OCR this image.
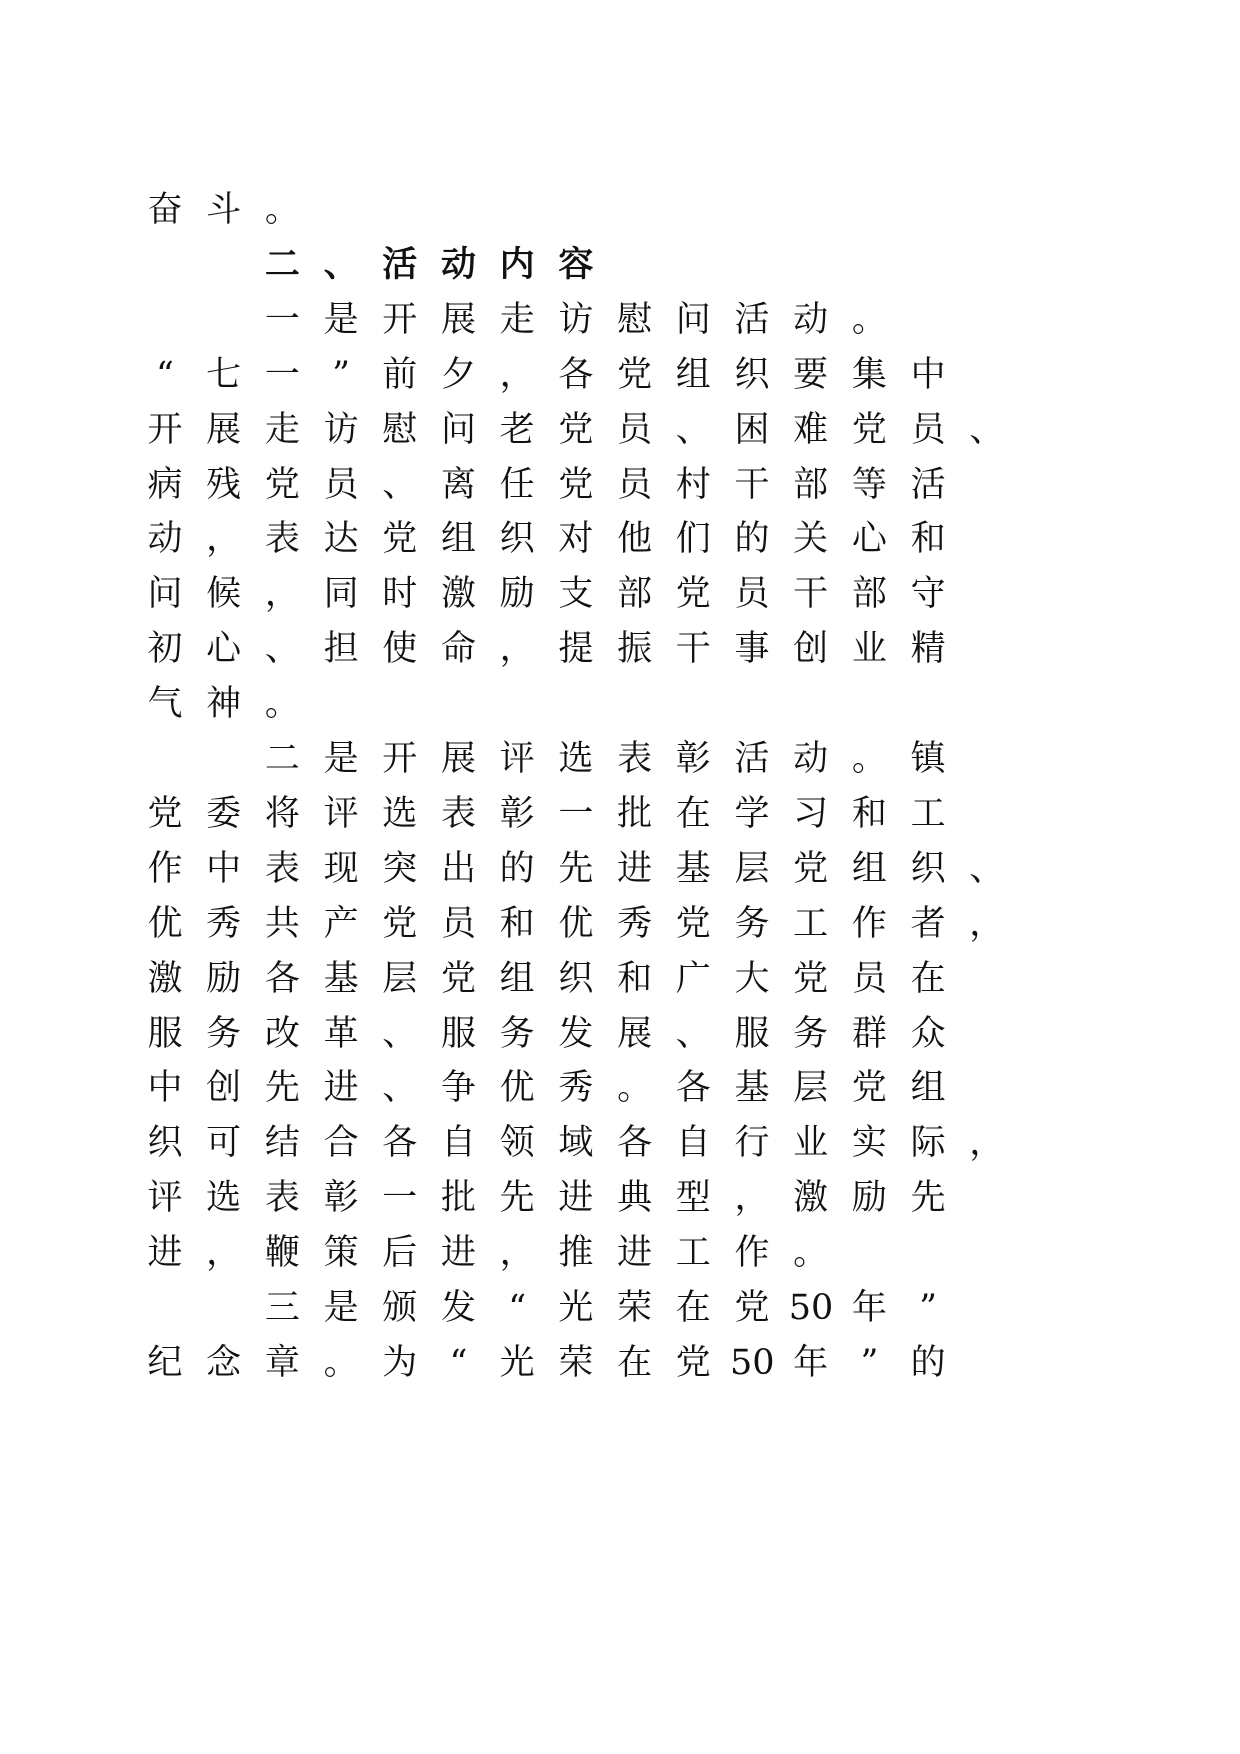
奋 斗 。
二 、 活 动 内 容
一 是 开 展 走 访 慰 问 活 动 。
“ 七 一 ” 前 夕 ， 各 党 组 织 要 集 中
开 展 走 访 慰 问 老 党 员 、 困 难 党 员 、
病 残 党 员 、 离 任 党 员 村 干 部 等 活
动 ， 表 达 党 组 织 对 他 们 的 关 心 和
问 候 ， 同 时 激 励 支 部 党 员 干 部 守
初 心 、 担 使 命 ， 提 振 干 事 创 业 精
气 神 。
二 是 开 展 评 选 表 彰 活 动 。 镇
党 委 将 评 选 表 彰 一 批 在 学 习 和 工
作 中 表 现 突 出 的 先 进 基 层 党 组 织 、
优 秀 共 产 党 员 和 优 秀 党 务 工 作 者 ，
激 励 各 基 层 党 组 织 和 广 大 党 员 在
服 务 改 革 、 服 务 发 展 、 服 务 群 众
中 创 先 进 、 争 优 秀 。 各 基 层 党 组
织 可 结 合 各 自 领 域 各 自 行 业 实 际 ，
评 选 表 彰 一 批 先 进 典 型 ， 激 励 先
进 ， 鞭 策 后 进 ， 推 进 工 作 。
三 是 颁 发 “ 光 荣 在 党 50 年 ”
纪 念 章 。 为 “ 光 荣 在 党 50 年 ” 的
